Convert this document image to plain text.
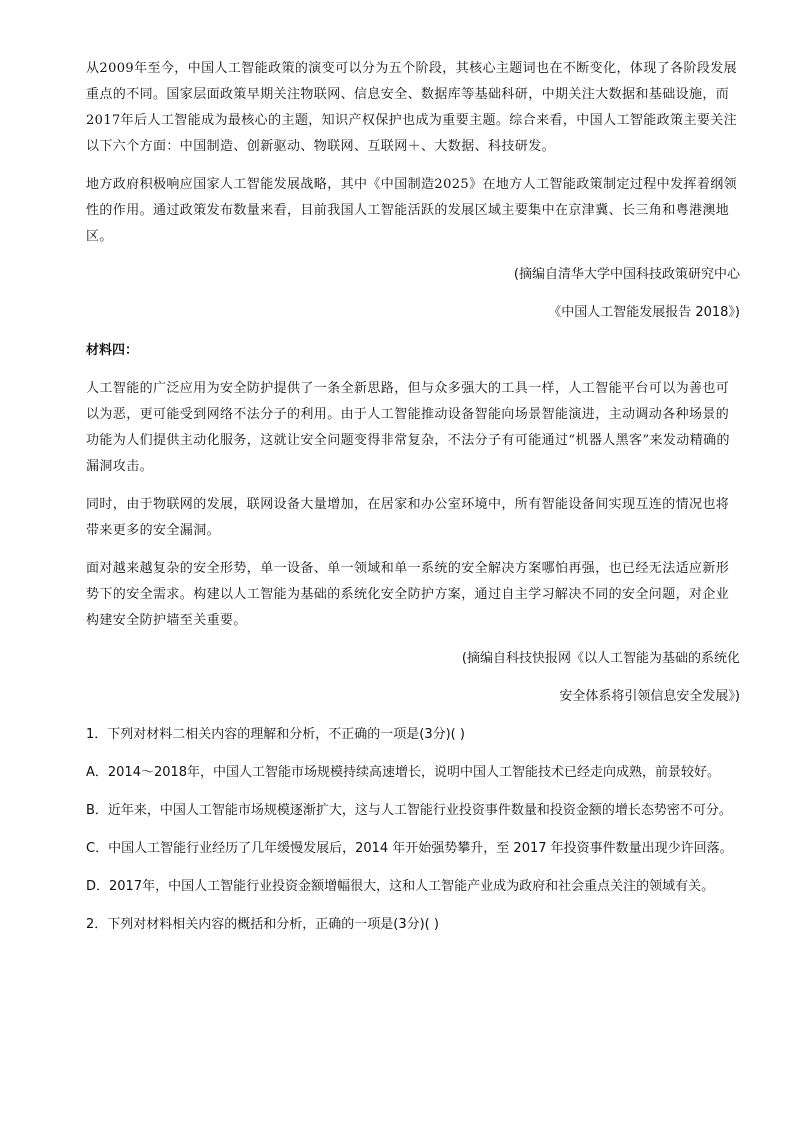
从2009年至今，中国人工智能政策的演变可以分为五个阶段，其核心主题词也在不断变化，体现了各阶段发展重点的不同。国家层面政策早期关注物联网、信息安全、数据库等基础科研，中期关注大数据和基础设施，而2017年后人工智能成为最核心的主题，知识产权保护也成为重要主题。综合来看，中国人工智能政策主要关注以下六个方面：中国制造、创新驱动、物联网、互联网＋、大数据、科技研发。

地方政府积极响应国家人工智能发展战略，其中《中国制造2025》在地方人工智能政策制定过程中发挥着纲领性的作用。通过政策发布数量来看，目前我国人工智能活跃的发展区域主要集中在京津冀、长三角和粤港澳地区。

(摘编自清华大学中国科技政策研究中心

《中国人工智能发展报告 2018》)

材料四：

人工智能的广泛应用为安全防护提供了一条全新思路，但与众多强大的工具一样，人工智能平台可以为善也可以为恶，更可能受到网络不法分子的利用。由于人工智能推动设备智能向场景智能演进，主动调动各种场景的功能为人们提供主动化服务，这就让安全问题变得非常复杂，不法分子有可能通过“机器人黑客”来发动精确的漏洞攻击。

同时，由于物联网的发展，联网设备大量增加，在居家和办公室环境中，所有智能设备间实现互连的情况也将带来更多的安全漏洞。

面对越来越复杂的安全形势，单一设备、单一领域和单一系统的安全解决方案哪怕再强，也已经无法适应新形势下的安全需求。构建以人工智能为基础的系统化安全防护方案，通过自主学习解决不同的安全问题，对企业构建安全防护墙至关重要。

(摘编自科技快报网《以人工智能为基础的系统化

安全体系将引领信息安全发展》)

1．下列对材料二相关内容的理解和分析，不正确的一项是(3分)( )

A．2014～2018年，中国人工智能市场规模持续高速增长，说明中国人工智能技术已经走向成熟，前景较好。

B．近年来，中国人工智能市场规模逐渐扩大，这与人工智能行业投资事件数量和投资金额的增长态势密不可分。

C．中国人工智能行业经历了几年缓慢发展后，2014 年开始强势攀升，至 2017 年投资事件数量出现少许回落。

D．2017年，中国人工智能行业投资金额增幅很大，这和人工智能产业成为政府和社会重点关注的领域有关。

2．下列对材料相关内容的概括和分析，正确的一项是(3分)( )
